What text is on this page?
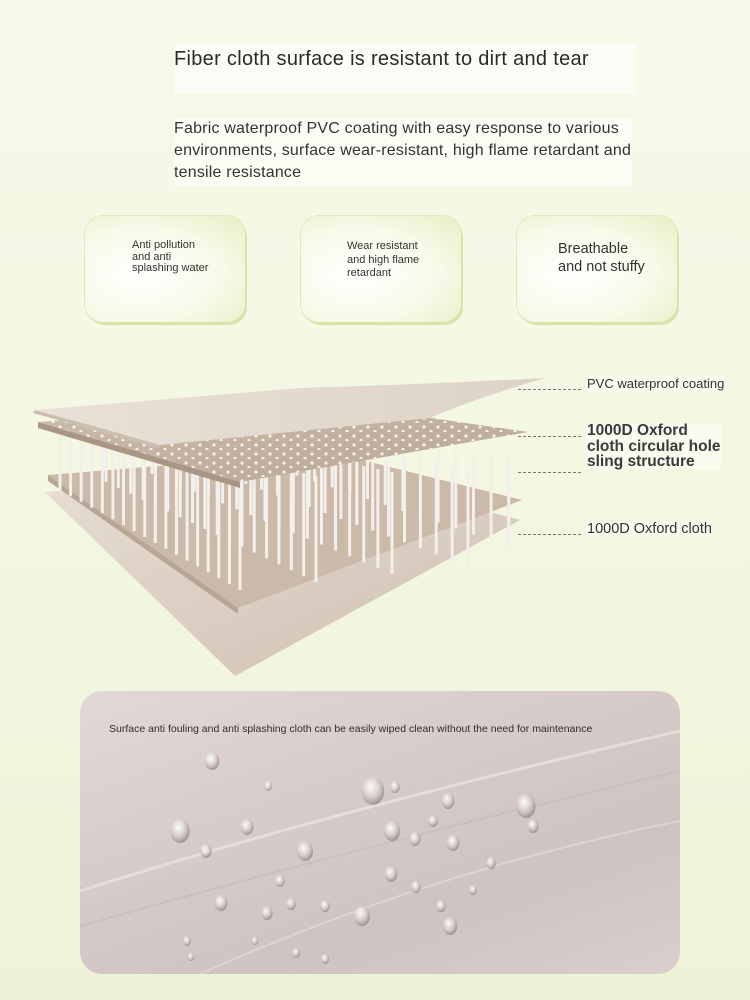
Fiber cloth surface is resistant to dirt and tear
Fabric waterproof PVC coating with easy response to various environments, surface wear-resistant, high flame retardant and tensile resistance
Anti pollution and anti splashing water
Wear resistant and high flame retardant
Breathable and not stuffy
PVC waterproof coating
1000D Oxford cloth circular hole sling structure
1000D Oxford cloth
Surface anti fouling and anti splashing cloth can be easily wiped clean without the need for maintenance
